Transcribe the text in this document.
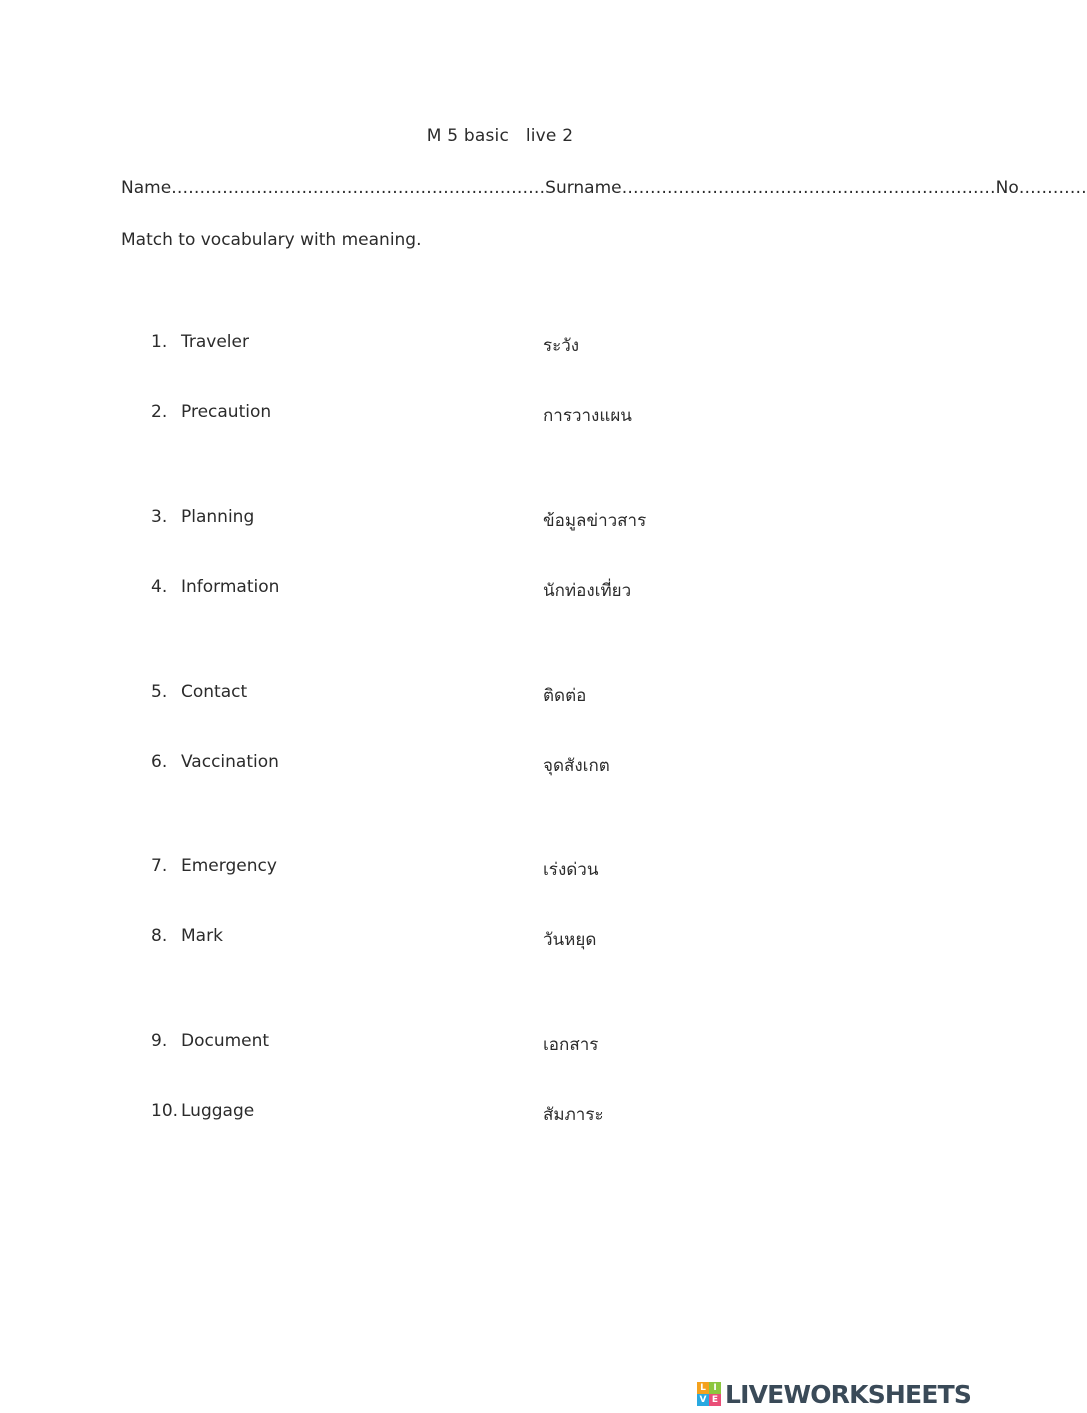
M 5 basic   live 2
Name…………………………………………………………Surname…………………………………………………………No…………
Match to vocabulary with meaning.
1. Traveler	ระวัง
2. Precaution	การวางแผน
3. Planning	ข้อมูลข่าวสาร
4. Information	นักท่องเที่ยว
5. Contact	ติดต่อ
6. Vaccination	จุดสังเกต
7. Emergency	เร่งด่วน
8. Mark	วันหยุด
9. Document	เอกสาร
10. Luggage	สัมภาระ
L I
V E LIVEWORKSHEETS
